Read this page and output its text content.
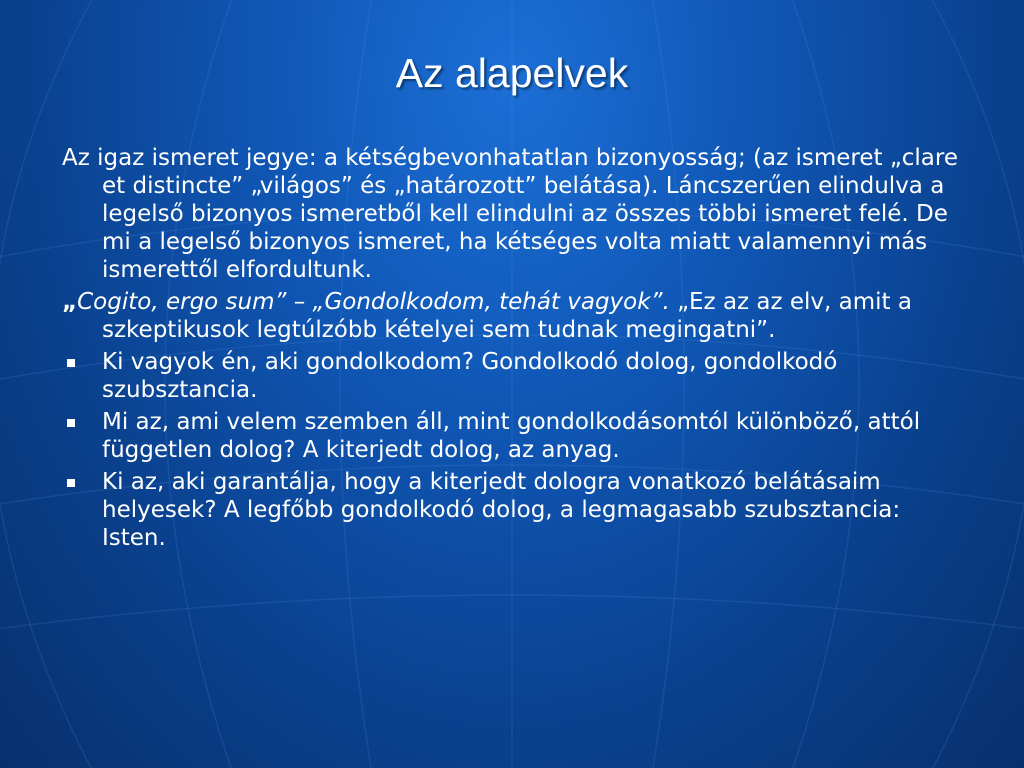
Az alapelvek

Az igaz ismeret jegye: a kétségbevonhatatlan bizonyosság; (az ismeret „clare et distincte” „világos” és „határozott” belátása). Láncszerűen elindulva a legelső bizonyos ismeretből kell elindulni az összes többi ismeret felé. De mi a legelső bizonyos ismeret, ha kétséges volta miatt valamennyi más ismerettől elfordultunk.

„Cogito, ergo sum” – „Gondolkodom, tehát vagyok”. „Ez az az elv, amit a szkeptikusok legtúlzóbb kételyei sem tudnak megingatni”.

Ki vagyok én, aki gondolkodom? Gondolkodó dolog, gondolkodó szubsztancia.
Mi az, ami velem szemben áll, mint gondolkodásomtól különböző, attól független dolog? A kiterjedt dolog, az anyag.
Ki az, aki garantálja, hogy a kiterjedt dologra vonatkozó belátásaim helyesek? A legfőbb gondolkodó dolog, a legmagasabb szubsztancia: Isten.
